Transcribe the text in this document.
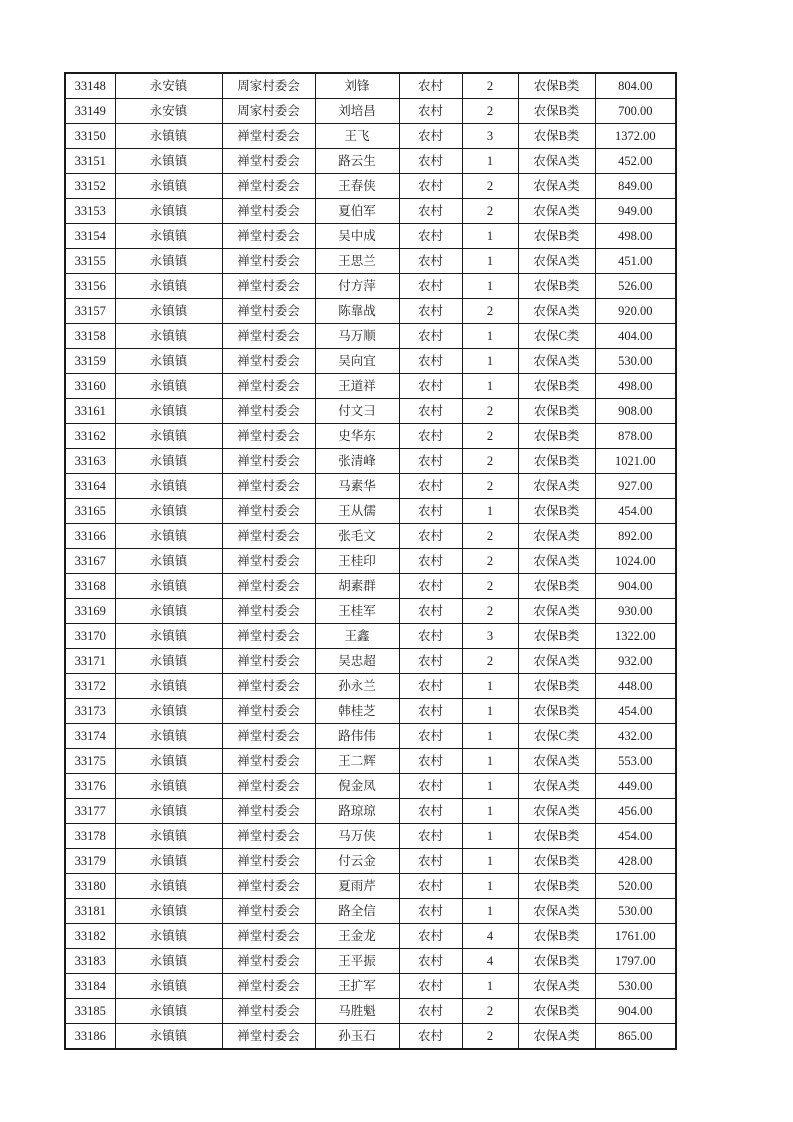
33148	永安镇	周家村委会	刘锋	农村	2	农保B类	804.00
33149	永安镇	周家村委会	刘培昌	农村	2	农保B类	700.00
33150	永镇镇	禅堂村委会	王飞	农村	3	农保B类	1372.00
33151	永镇镇	禅堂村委会	路云生	农村	1	农保A类	452.00
33152	永镇镇	禅堂村委会	王春侠	农村	2	农保A类	849.00
33153	永镇镇	禅堂村委会	夏伯军	农村	2	农保A类	949.00
33154	永镇镇	禅堂村委会	吴中成	农村	1	农保B类	498.00
33155	永镇镇	禅堂村委会	王思兰	农村	1	农保A类	451.00
33156	永镇镇	禅堂村委会	付方萍	农村	1	农保B类	526.00
33157	永镇镇	禅堂村委会	陈靠战	农村	2	农保A类	920.00
33158	永镇镇	禅堂村委会	马万顺	农村	1	农保C类	404.00
33159	永镇镇	禅堂村委会	吴向宜	农村	1	农保A类	530.00
33160	永镇镇	禅堂村委会	王道祥	农村	1	农保B类	498.00
33161	永镇镇	禅堂村委会	付文彐	农村	2	农保B类	908.00
33162	永镇镇	禅堂村委会	史华东	农村	2	农保B类	878.00
33163	永镇镇	禅堂村委会	张清峰	农村	2	农保B类	1021.00
33164	永镇镇	禅堂村委会	马素华	农村	2	农保A类	927.00
33165	永镇镇	禅堂村委会	王从儒	农村	1	农保B类	454.00
33166	永镇镇	禅堂村委会	张毛文	农村	2	农保A类	892.00
33167	永镇镇	禅堂村委会	王桂印	农村	2	农保A类	1024.00
33168	永镇镇	禅堂村委会	胡素群	农村	2	农保B类	904.00
33169	永镇镇	禅堂村委会	王桂军	农村	2	农保A类	930.00
33170	永镇镇	禅堂村委会	王鑫	农村	3	农保B类	1322.00
33171	永镇镇	禅堂村委会	吴忠超	农村	2	农保A类	932.00
33172	永镇镇	禅堂村委会	孙永兰	农村	1	农保B类	448.00
33173	永镇镇	禅堂村委会	韩桂芝	农村	1	农保B类	454.00
33174	永镇镇	禅堂村委会	路伟伟	农村	1	农保C类	432.00
33175	永镇镇	禅堂村委会	王二辉	农村	1	农保A类	553.00
33176	永镇镇	禅堂村委会	倪金凤	农村	1	农保A类	449.00
33177	永镇镇	禅堂村委会	路琼琼	农村	1	农保A类	456.00
33178	永镇镇	禅堂村委会	马万侠	农村	1	农保B类	454.00
33179	永镇镇	禅堂村委会	付云金	农村	1	农保B类	428.00
33180	永镇镇	禅堂村委会	夏雨芹	农村	1	农保B类	520.00
33181	永镇镇	禅堂村委会	路全信	农村	1	农保A类	530.00
33182	永镇镇	禅堂村委会	王金龙	农村	4	农保B类	1761.00
33183	永镇镇	禅堂村委会	王平振	农村	4	农保B类	1797.00
33184	永镇镇	禅堂村委会	王扩军	农村	1	农保A类	530.00
33185	永镇镇	禅堂村委会	马胜魁	农村	2	农保B类	904.00
33186	永镇镇	禅堂村委会	孙玉石	农村	2	农保A类	865.00
